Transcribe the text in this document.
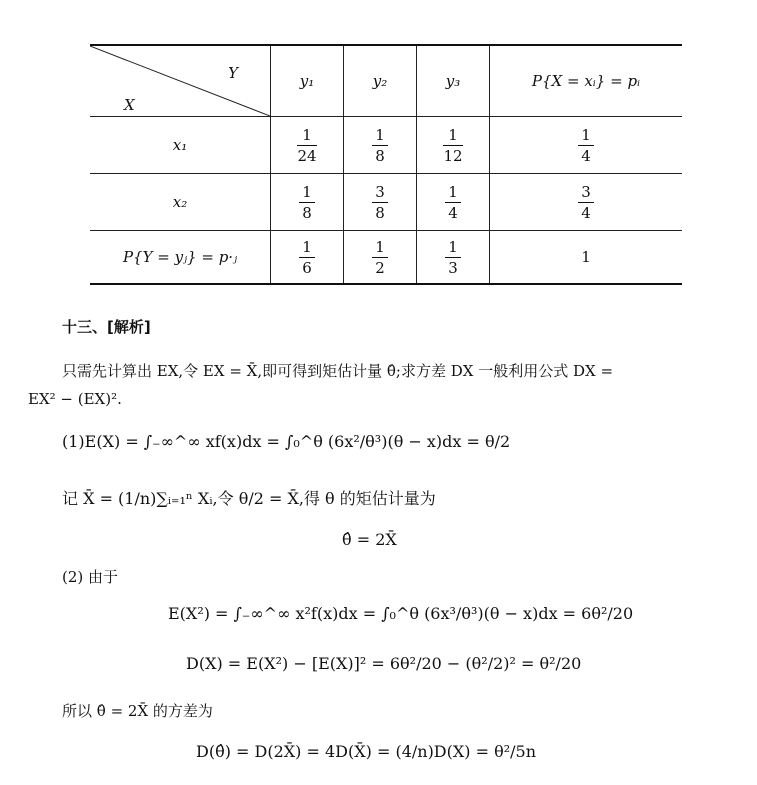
Y
X	y₁	y₂	y₃	P{X = xᵢ} = pᵢ
x₁	$\frac{1}{24}$	$\frac{1}{8}$	$\frac{1}{12}$	$\frac{1}{4}$

x₂	$\frac{1}{8}$	$\frac{3}{8}$	$\frac{1}{4}$	$\frac{3}{4}$

P{Y = yⱼ} = p·ⱼ	$\frac{1}{6}$	$\frac{1}{2}$	$\frac{1}{3}$	1
十三、[解析]
只需先计算出 EX,令 EX = X̄,即可得到矩估计量 θ̂;求方差 DX 一般利用公式 DX =
EX² − (EX)².
(1)E(X) = ∫₋∞^∞ xf(x)dx = ∫₀^θ (6x²/θ³)(θ − x)dx = θ/2
记 X̄ = (1/n)∑ᵢ₌₁ⁿ Xᵢ,令 θ/2 = X̄,得 θ 的矩估计量为
θ̂ = 2X̄
(2) 由于
E(X²) = ∫₋∞^∞ x²f(x)dx = ∫₀^θ (6x³/θ³)(θ − x)dx = 6θ²/20
D(X) = E(X²) − [E(X)]² = 6θ²/20 − (θ²/2)² = θ²/20
所以 θ̂ = 2X̄ 的方差为
D(θ̂) = D(2X̄) = 4D(X̄) = (4/n)D(X) = θ²/5n
